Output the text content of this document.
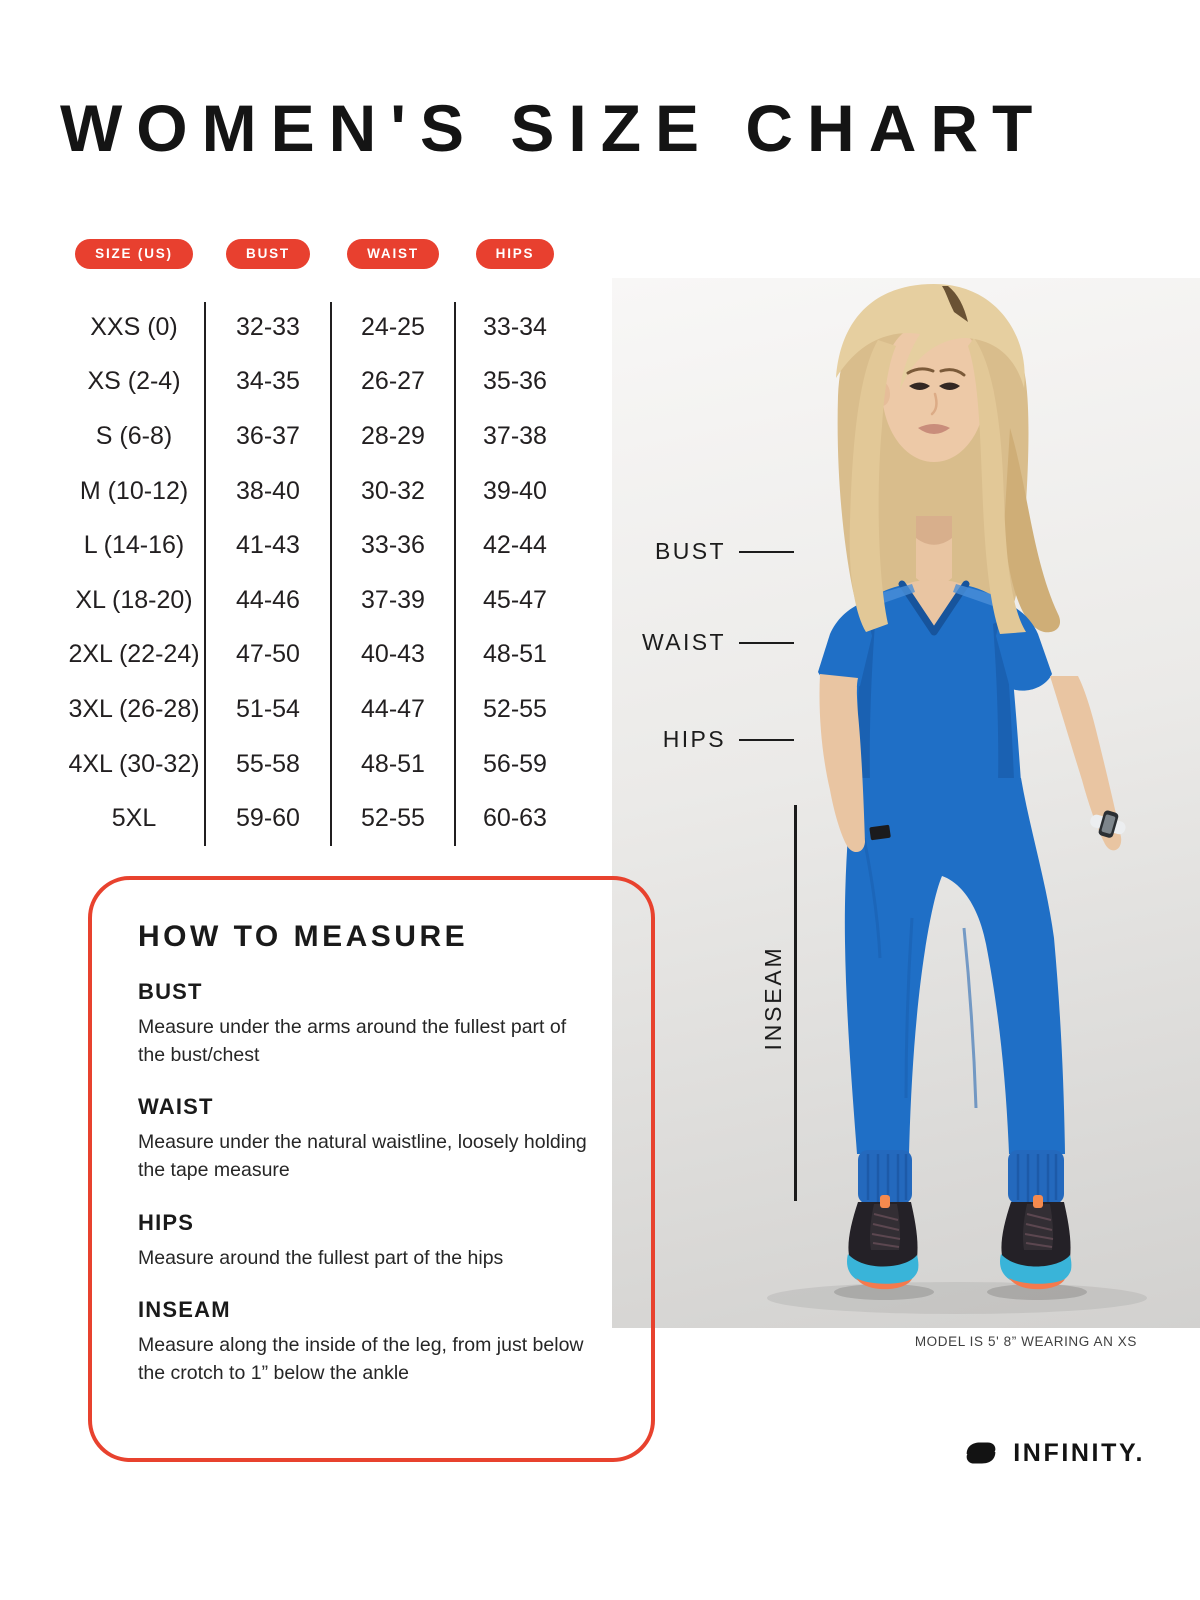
WOMEN'S SIZE CHART
SIZE (US)	BUST	WAIST	HIPS
XXS (0) 32-33 24-25 33-34
XS (2-4) 34-35 26-27 35-36
S (6-8)	36-37 28-29 37-38
M (10-12) 38-40 30-32 39-40
L (14-16) 41-43 33-36 42-44
XL (18-20) 44-46 37-39 45-47
2XL (22-24) 47-50 40-43 48-51
3XL (26-28) 51-54 44-47 52-55
4XL (30-32) 55-58 48-51 56-59
5XL	59-60 52-55 60-63
BUST
WAIST
HIPS
INSEAM
HOW TO MEASURE
BUST
Measure under the arms around the fullest part of the bust/chest
WAIST
Measure under the natural waistline, loosely holding the tape measure
HIPS
Measure around the fullest part of the hips
INSEAM
Measure along the inside of the leg, from just below the crotch to 1” below the ankle
MODEL IS 5' 8” WEARING AN XS
INFINITY.
